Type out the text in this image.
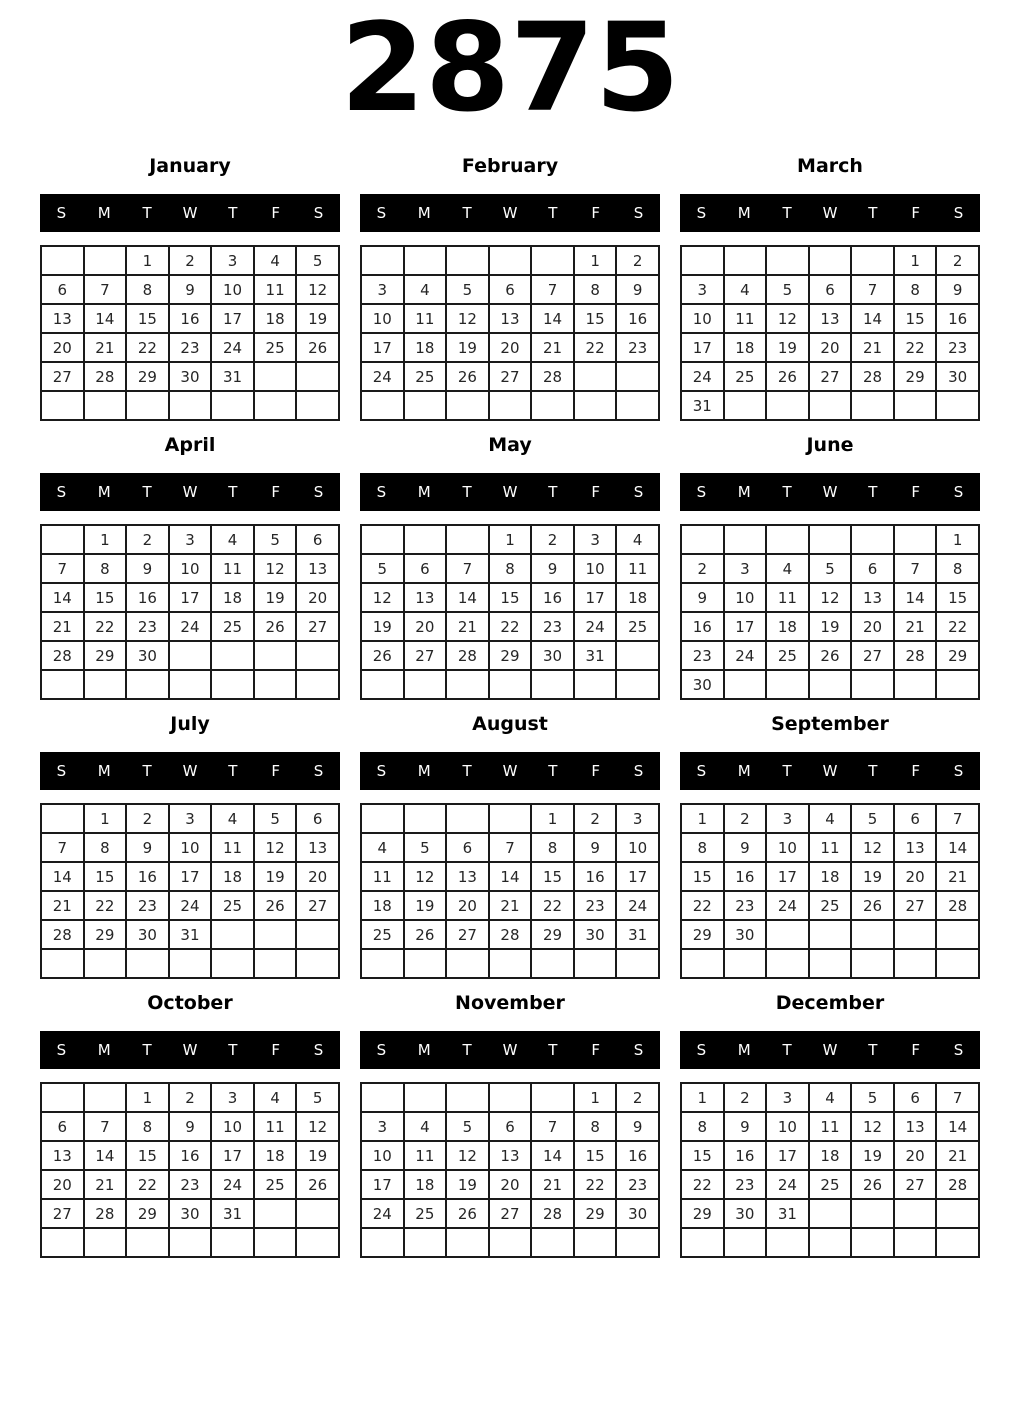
2875
January
S	M	T	W	T	F	S
		1	2	3	4	5
6	7	8	9	10	11	12
13	14	15	16	17	18	19
20	21	22	23	24	25	26
27	28	29	30	31		

February
S	M	T	W	T	F	S
					1	2
3	4	5	6	7	8	9
10	11	12	13	14	15	16
17	18	19	20	21	22	23
24	25	26	27	28		

March
S	M	T	W	T	F	S
					1	2
3	4	5	6	7	8	9
10	11	12	13	14	15	16
17	18	19	20	21	22	23
24	25	26	27	28	29	30
31						
April
S	M	T	W	T	F	S
	1	2	3	4	5	6
7	8	9	10	11	12	13
14	15	16	17	18	19	20
21	22	23	24	25	26	27
28	29	30				

May
S	M	T	W	T	F	S
			1	2	3	4
5	6	7	8	9	10	11
12	13	14	15	16	17	18
19	20	21	22	23	24	25
26	27	28	29	30	31	

June
S	M	T	W	T	F	S
						1
2	3	4	5	6	7	8
9	10	11	12	13	14	15
16	17	18	19	20	21	22
23	24	25	26	27	28	29
30						
July
S	M	T	W	T	F	S
	1	2	3	4	5	6
7	8	9	10	11	12	13
14	15	16	17	18	19	20
21	22	23	24	25	26	27
28	29	30	31			

August
S	M	T	W	T	F	S
				1	2	3
4	5	6	7	8	9	10
11	12	13	14	15	16	17
18	19	20	21	22	23	24
25	26	27	28	29	30	31

September
S	M	T	W	T	F	S
1	2	3	4	5	6	7
8	9	10	11	12	13	14
15	16	17	18	19	20	21
22	23	24	25	26	27	28
29	30					

October
S	M	T	W	T	F	S
		1	2	3	4	5
6	7	8	9	10	11	12
13	14	15	16	17	18	19
20	21	22	23	24	25	26
27	28	29	30	31		

November
S	M	T	W	T	F	S
					1	2
3	4	5	6	7	8	9
10	11	12	13	14	15	16
17	18	19	20	21	22	23
24	25	26	27	28	29	30

December
S	M	T	W	T	F	S
1	2	3	4	5	6	7
8	9	10	11	12	13	14
15	16	17	18	19	20	21
22	23	24	25	26	27	28
29	30	31				
